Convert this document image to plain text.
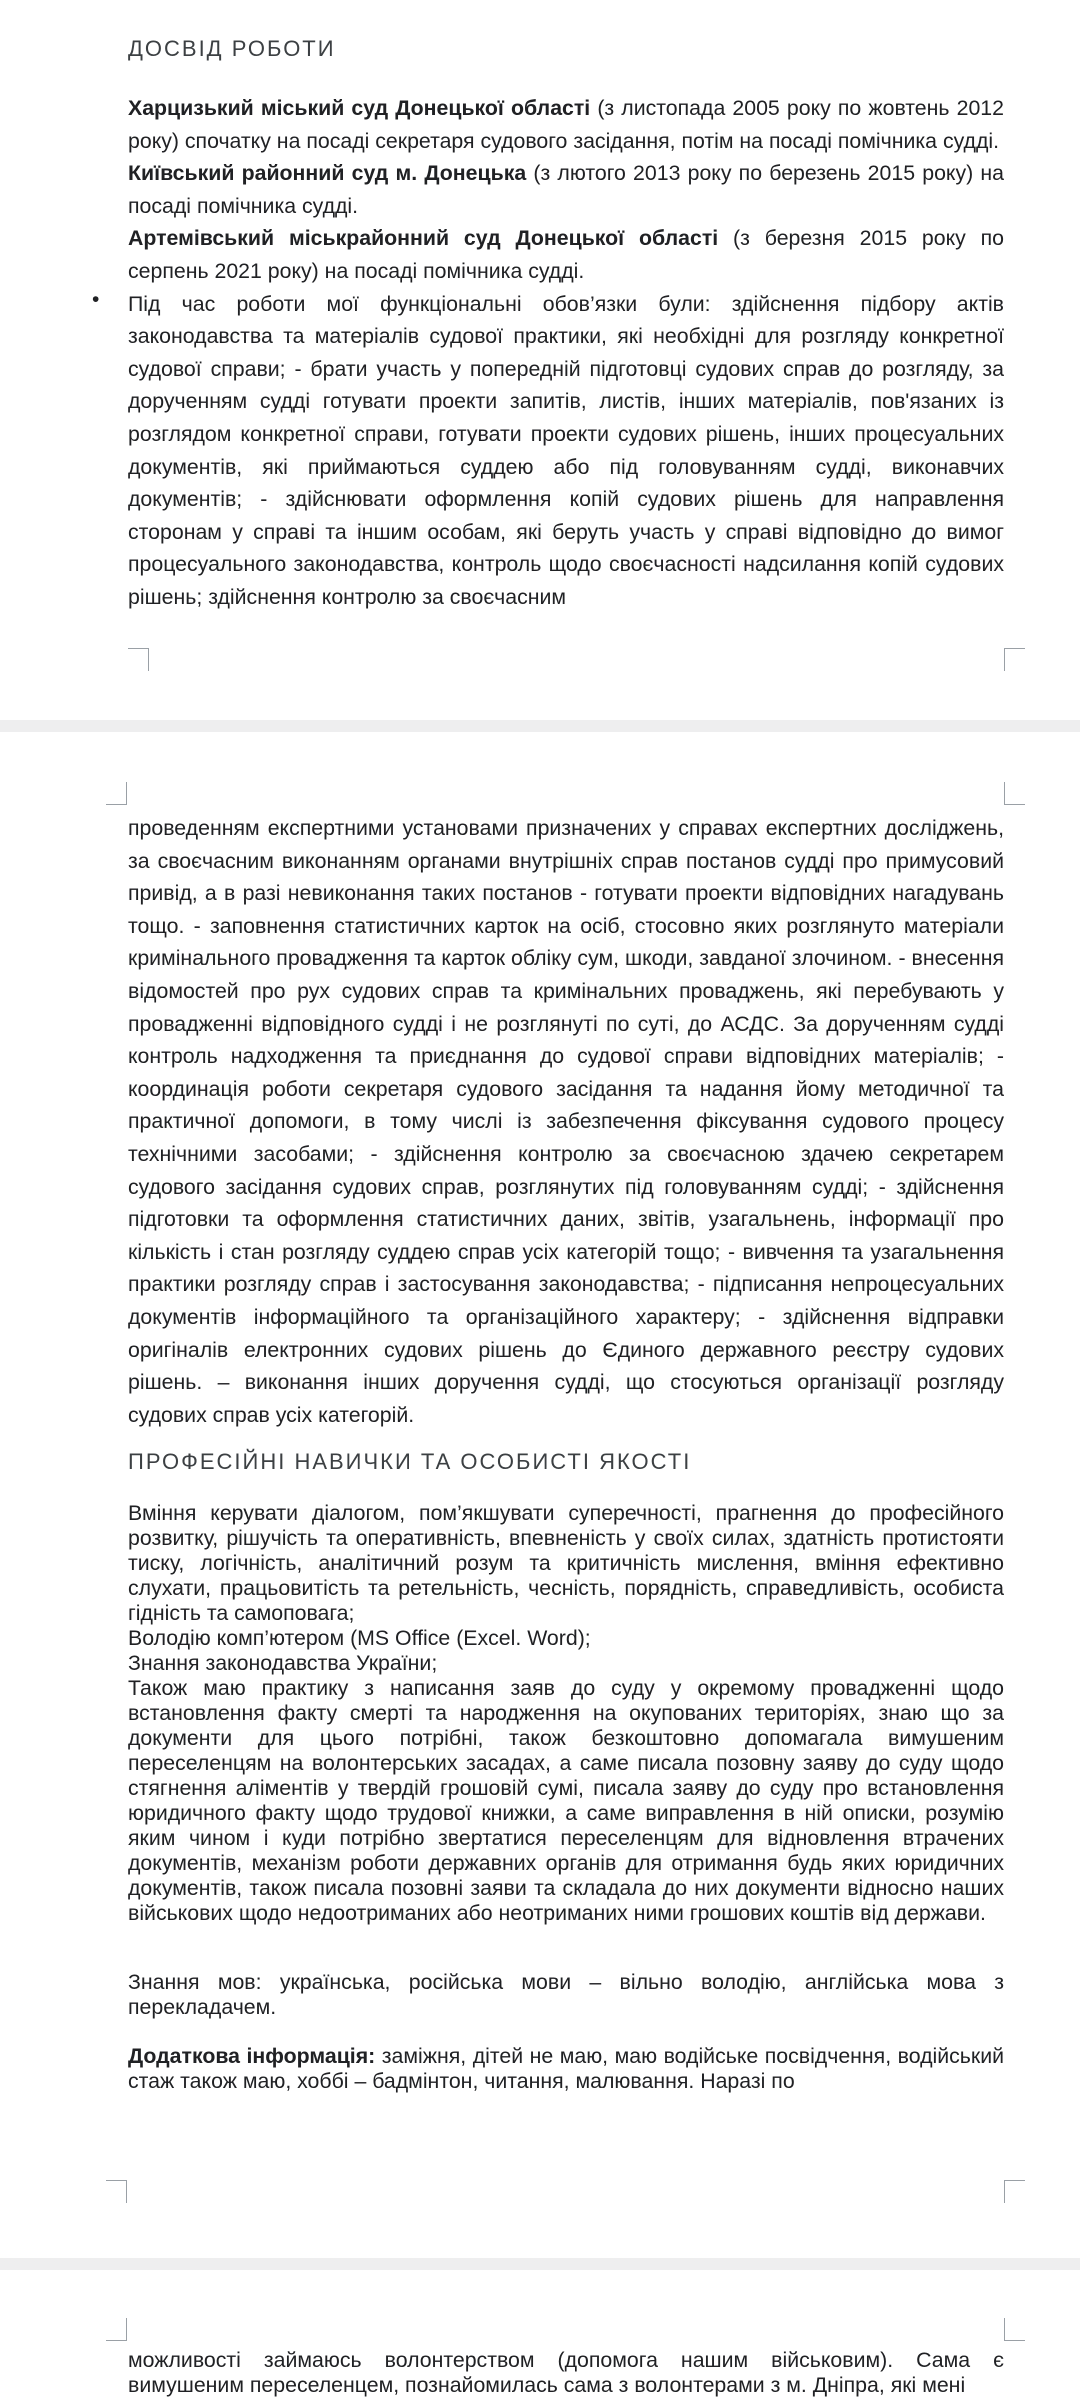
ДОСВІД РОБОТИ

Харцизький міський суд Донецької області (з листопада 2005 року по жовтень 2012 року) спочатку на посаді секретаря судового засідання, потім на посаді помічника судді.

Київський районний суд м. Донецька (з лютого 2013 року по березень 2015 року) на посаді помічника судді.

Артемівський міськрайонний суд Донецької області (з березня 2015 року по серпень 2021 року) на посаді помічника судді.

• Під час роботи мої функціональні обов’язки були: здійснення підбору актів законодавства та матеріалів судової практики, які необхідні для розгляду конкретної судової справи; - брати участь у попередній підготовці судових справ до розгляду, за дорученням судді готувати проекти запитів, листів, інших матеріалів, пов'язаних із розглядом конкретної справи, готувати проекти судових рішень, інших процесуальних документів, які приймаються суддею або під головуванням судді, виконавчих документів; - здійснювати оформлення копій судових рішень для направлення сторонам у справі та іншим особам, які беруть участь у справі відповідно до вимог процесуального законодавства, контроль щодо своєчасності надсилання копій судових рішень; здійснення контролю за своєчасним

проведенням експертними установами призначених у справах експертних досліджень, за своєчасним виконанням органами внутрішніх справ постанов судді про примусовий привід, а в разі невиконання таких постанов - готувати проекти відповідних нагадувань тощо. - заповнення статистичних карток на осіб, стосовно яких розглянуто матеріали кримінального провадження та карток обліку сум, шкоди, завданої злочином. - внесення відомостей про рух судових справ та кримінальних проваджень, які перебувають у провадженні відповідного судді і не розглянуті по суті, до АСДС. За дорученням судді контроль надходження та приєднання до судової справи відповідних матеріалів; - координація роботи секретаря судового засідання та надання йому методичної та практичної допомоги, в тому числі із забезпечення фіксування судового процесу технічними засобами; - здійснення контролю за своєчасною здачею секретарем судового засідання судових справ, розглянутих під головуванням судді; - здійснення підготовки та оформлення статистичних даних, звітів, узагальнень, інформації про кількість і стан розгляду суддею справ усіх категорій тощо; - вивчення та узагальнення практики розгляду справ і застосування законодавства; - підписання непроцесуальних документів інформаційного та організаційного характеру; - здійснення відправки оригіналів електронних судових рішень до Єдиного державного реєстру судових рішень. – виконання інших доручення судді, що стосуються організації розгляду судових справ усіх категорій.

ПРОФЕСІЙНІ НАВИЧКИ ТА ОСОБИСТІ ЯКОСТІ

Вміння керувати діалогом, пом’якшувати суперечності, прагнення до професійного розвитку, рішучість та оперативність, впевненість у своїх силах, здатність протистояти тиску, логічність, аналітичний розум та критичність мислення, вміння ефективно слухати, працьовитість та ретельність, чесність, порядність, справедливість, особиста гідність та самоповага;

Володію комп’ютером (MS Office (Excel. Word);

Знання законодавства України;

Також маю практику з написання заяв до суду у окремому провадженні щодо встановлення факту смерті та народження на окупованих територіях, знаю що за документи для цього потрібні, також безкоштовно допомагала вимушеним переселенцям на волонтерських засадах, а саме писала позовну заяву до суду щодо стягнення аліментів у твердій грошовій сумі, писала заяву до суду про встановлення юридичного факту щодо трудової книжки, а саме виправлення в ній описки, розумію яким чином і куди потрібно звертатися переселенцям для відновлення втрачених документів, механізм роботи державних органів для отримання будь яких юридичних документів, також писала позовні заяви та складала до них документи відносно наших військових щодо недоотриманих або неотриманих ними грошових коштів від держави.

Знання мов: українська, російська мови – вільно володію, англійська мова з перекладачем.

Додаткова інформація: заміжня, дітей не маю, маю водійське посвідчення, водійський стаж також маю, хоббі – бадмінтон, читання, малювання. Наразі по

можливості займаюсь волонтерством (допомога нашим військовим). Сама є вимушеним переселенцем, познайомилась сама з волонтерами з м. Дніпра, які мені
